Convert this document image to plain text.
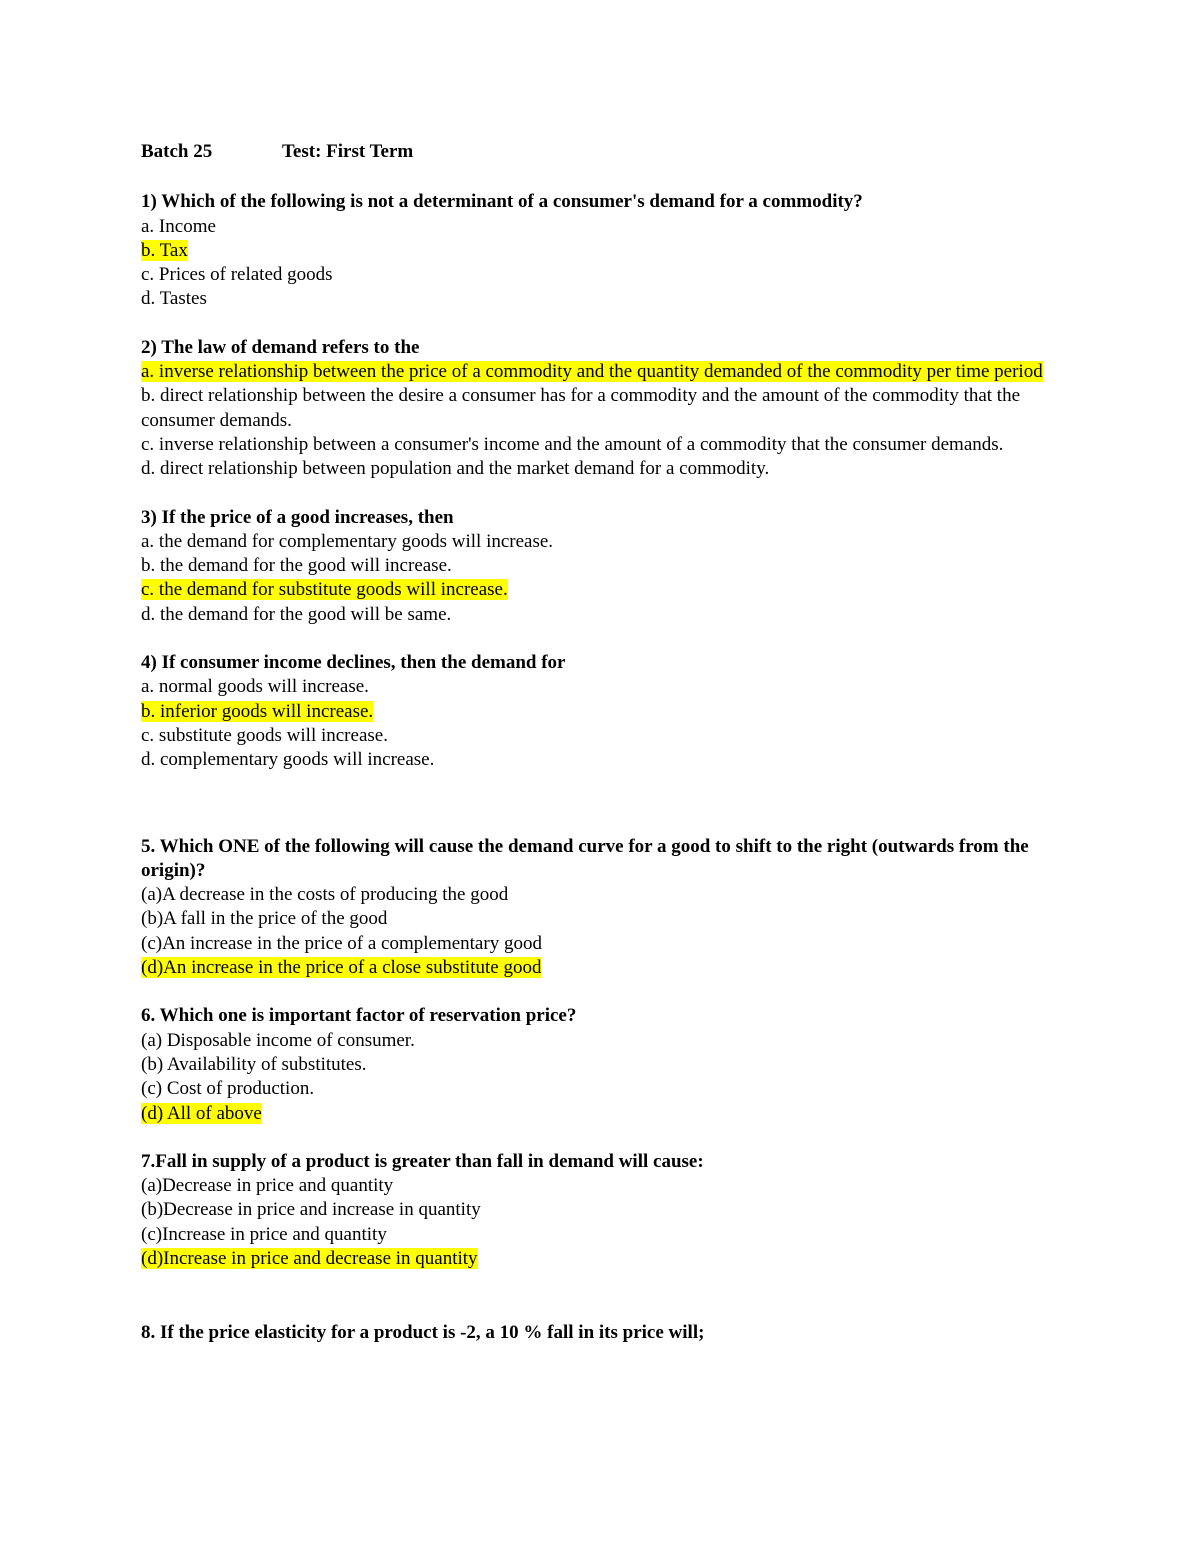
Batch 25	Test: First Term
1) Which of the following is not a determinant of a consumer's demand for a commodity?
a. Income
b. Tax
c. Prices of related goods
d. Tastes
2) The law of demand refers to the
a. inverse relationship between the price of a commodity and the quantity demanded of the commodity per time period
b. direct relationship between the desire a consumer has for a commodity and the amount of the commodity that the consumer demands.
c. inverse relationship between a consumer's income and the amount of a commodity that the consumer demands.
d. direct relationship between population and the market demand for a commodity.
3) If the price of a good increases, then
a. the demand for complementary goods will increase.
b. the demand for the good will increase.
c. the demand for substitute goods will increase.
d. the demand for the good will be same.
4) If consumer income declines, then the demand for
a. normal goods will increase.
b. inferior goods will increase.
c. substitute goods will increase.
d. complementary goods will increase.
5. Which ONE of the following will cause the demand curve for a good to shift to the right (outwards from the origin)?
(a)A decrease in the costs of producing the good
(b)A fall in the price of the good
(c)An increase in the price of a complementary good
(d)An increase in the price of a close substitute good
6. Which one is important factor of reservation price?
(a) Disposable income of consumer.
(b) Availability of substitutes.
(c) Cost of production.
(d) All of above
7.Fall in supply of a product is greater than fall in demand will cause:
(a)Decrease in price and quantity
(b)Decrease in price and increase in quantity
(c)Increase in price and quantity
(d)Increase in price and decrease in quantity
8. If the price elasticity for a product is -2, a 10 % fall in its price will;
